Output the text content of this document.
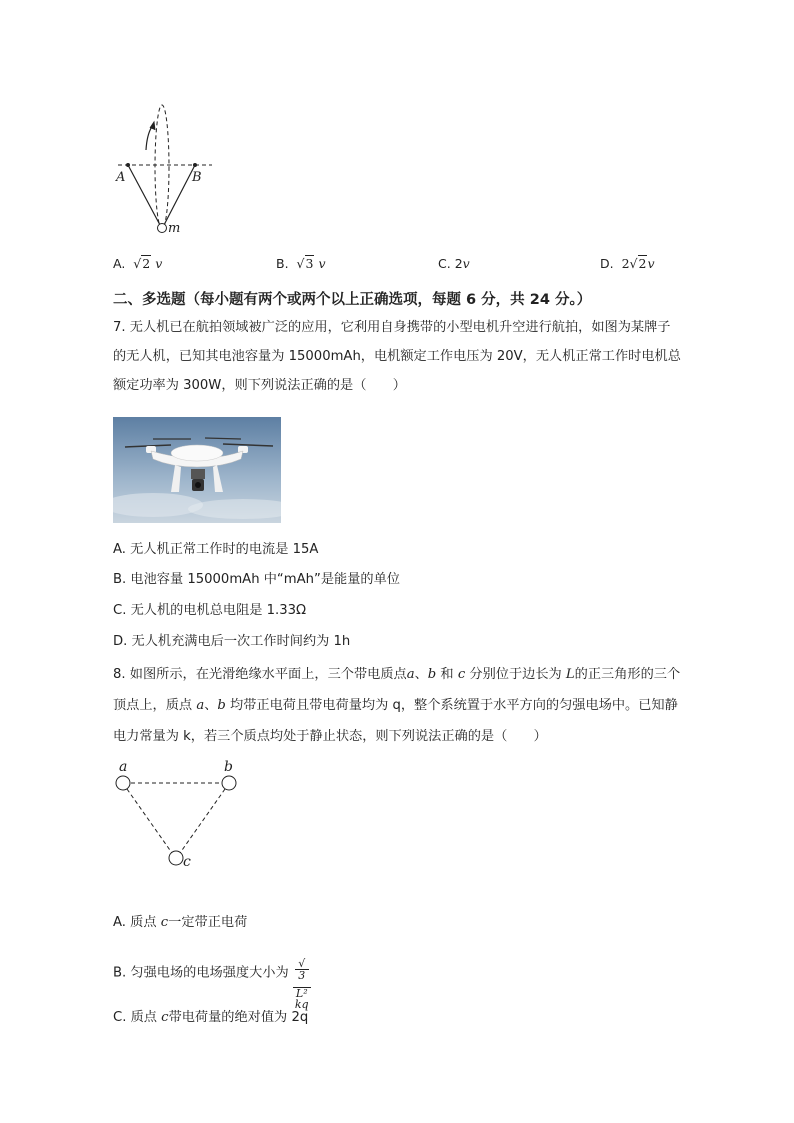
A	B
m
A.  √2 v	B.  √3 v	C. 2v	D. 2√2v
二、多选题（每小题有两个或两个以上正确选项，每题 6 分，共 24 分。）
7. 无人机已在航拍领域被广泛的应用，它利用自身携带的小型电机升空进行航拍，如图为某牌子
的无人机，已知其电池容量为 15000mAh，电机额定工作电压为 20V，无人机正常工作时电机总
额定功率为 300W，则下列说法正确的是（　　）
A. 无人机正常工作时的电流是 15A
B. 电池容量 15000mAh 中“mAh”是能量的单位
C. 无人机的电机总电阻是 1.33Ω
D. 无人机充满电后一次工作时间约为 1h
8. 如图所示，在光滑绝缘水平面上，三个带电质点a、b 和 c 分别位于边长为 L的正三角形的三个
顶点上，质点 a、b 均带正电荷且带电荷量均为 q，整个系统置于水平方向的匀强电场中。已知静
电力常量为 k，若三个质点均处于静止状态，则下列说法正确的是（　　）
a	b
c
A. 质点 c一定带正电荷
B. 匀强电场的电场强度大小为 √
3
kq
L²
C. 质点 c带电荷量的绝对值为 2q
